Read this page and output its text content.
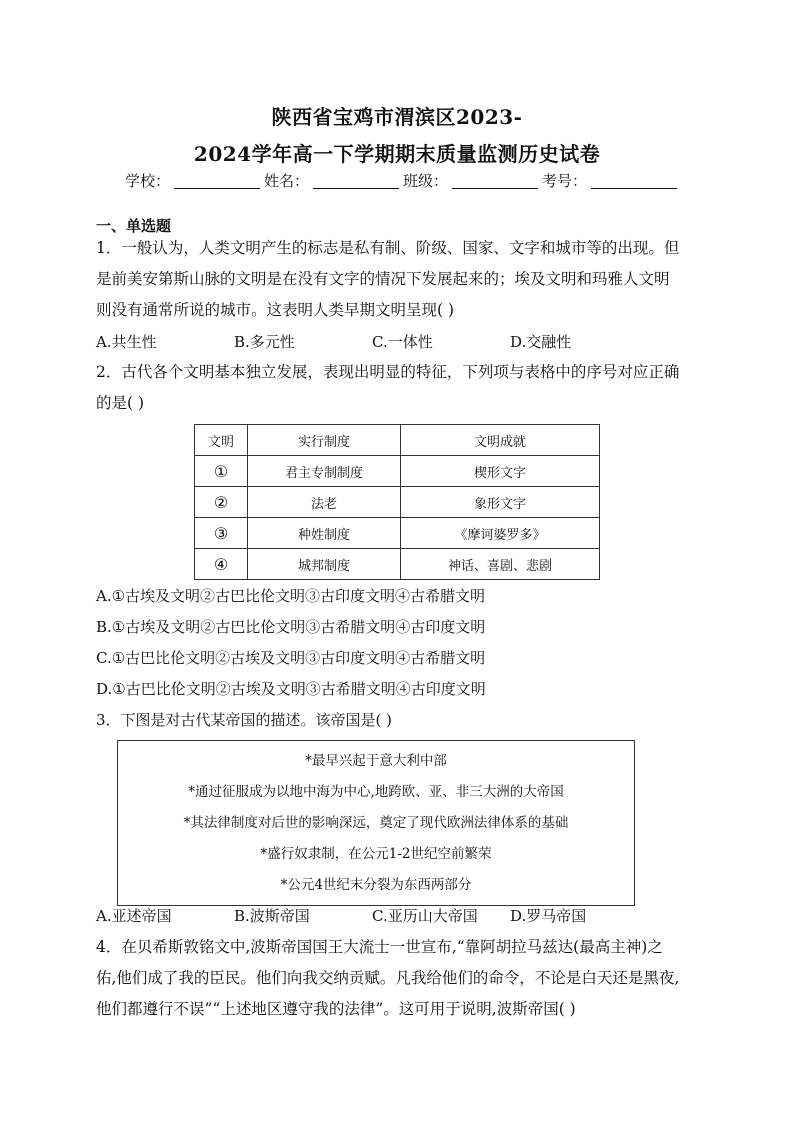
陕西省宝鸡市渭滨区2023-
2024学年高一下学期期末质量监测历史试卷
学校：	姓名：	班级：	考号：
一、单选题
1．一般认为，人类文明产生的标志是私有制、阶级、国家、文字和城市等的出现。但
是前美安第斯山脉的文明是在没有文字的情况下发展起来的；埃及文明和玛雅人文明
则没有通常所说的城市。这表明人类早期文明呈现( )
A.共生性	B.多元性	C.一体性	D.交融性
2．古代各个文明基本独立发展，表现出明显的特征，下列项与表格中的序号对应正确
的是( )
文明	实行制度	文明成就
①	君主专制制度	楔形文字
②	法老	象形文字
③	种姓制度	《摩诃婆罗多》
④	城邦制度	神话、喜剧、悲剧
A.①古埃及文明②古巴比伦文明③古印度文明④古希腊文明
B.①古埃及文明②古巴比伦文明③古希腊文明④古印度文明
C.①古巴比伦文明②古埃及文明③古印度文明④古希腊文明
D.①古巴比伦文明②古埃及文明③古希腊文明④古印度文明
3．下图是对古代某帝国的描述。该帝国是( )
*最早兴起于意大利中部
*通过征服成为以地中海为中心,地跨欧、亚、非三大洲的大帝国
*其法律制度对后世的影响深远，奠定了现代欧洲法律体系的基础
*盛行奴隶制，在公元1-2世纪空前繁荣
*公元4世纪末分裂为东西两部分
A.亚述帝国	B.波斯帝国	C.亚历山大帝国 D.罗马帝国
4．在贝希斯敦铭文中,波斯帝国国王大流士一世宣布,“靠阿胡拉马兹达(最高主神)之
佑,他们成了我的臣民。他们向我交纳贡赋。凡我给他们的命令，不论是白天还是黑夜,
他们都遵行不误”“上述地区遵守我的法律”。这可用于说明,波斯帝国( )
